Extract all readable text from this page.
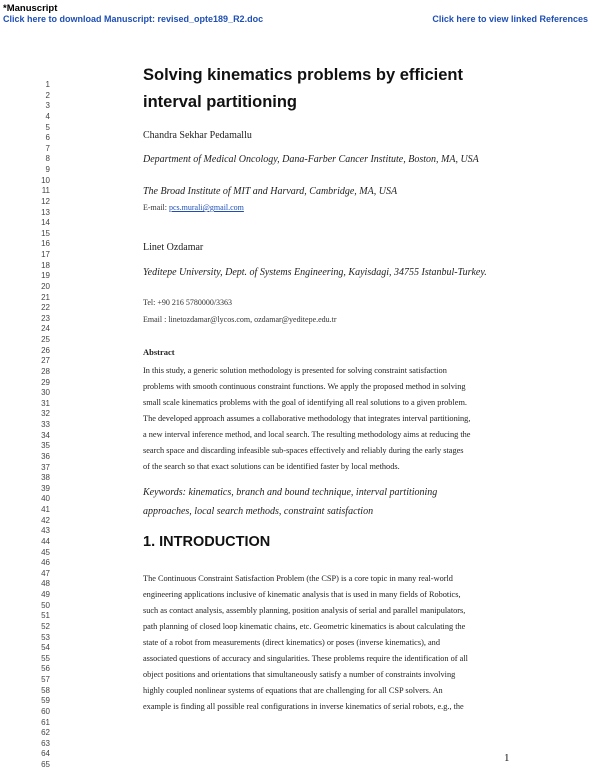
*Manuscript
Click here to download Manuscript: revised_opte189_R2.doc	Click here to view linked References
1
2
3
4
5
6
7
8
9
10
11
12
13
14
15
16
17
18
19
20
21
22
23
24
25
26
27
28
29
30
31
32
33
34
35
36
37
38
39
40
41
42
43
44
45
46
47
48
49
50
51
52
53
54
55
56
57
58
59
60
61
62
63
64
65
Solving kinematics problems by efficient
interval partitioning
Chandra Sekhar Pedamallu
Department of Medical Oncology, Dana-Farber Cancer Institute, Boston, MA, USA
The Broad Institute of MIT and Harvard, Cambridge, MA, USA
E-mail: pcs.murali@gmail.com
Linet Ozdamar
Yeditepe University, Dept. of Systems Engineering, Kayisdagi, 34755 Istanbul-Turkey.
Tel: +90 216 5780000/3363
Email : linetozdamar@lycos.com, ozdamar@yeditepe.edu.tr
Abstract
In this study, a generic solution methodology is presented for solving constraint satisfaction
problems with smooth continuous constraint functions. We apply the proposed method in solving
small scale kinematics problems with the goal of identifying all real solutions to a given problem.
The developed approach assumes a collaborative methodology that integrates interval partitioning,
a new interval inference method, and local search. The resulting methodology aims at reducing the
search space and discarding infeasible sub-spaces effectively and reliably during the early stages
of the search so that exact solutions can be identified faster by local methods.
Keywords: kinematics, branch and bound technique, interval partitioning
approaches, local search methods, constraint satisfaction
1. INTRODUCTION
The Continuous Constraint Satisfaction Problem (the CSP) is a core topic in many real-world
engineering applications inclusive of kinematic analysis that is used in many fields of Robotics,
such as contact analysis, assembly planning, position analysis of serial and parallel manipulators,
path planning of closed loop kinematic chains, etc. Geometric kinematics is about calculating the
state of a robot from measurements (direct kinematics) or poses (inverse kinematics), and
associated questions of accuracy and singularities. These problems require the identification of all
object positions and orientations that simultaneously satisfy a number of constraints involving
highly coupled nonlinear systems of equations that are challenging for all CSP solvers. An
example is finding all possible real configurations in inverse kinematics of serial robots, e.g., the
1
